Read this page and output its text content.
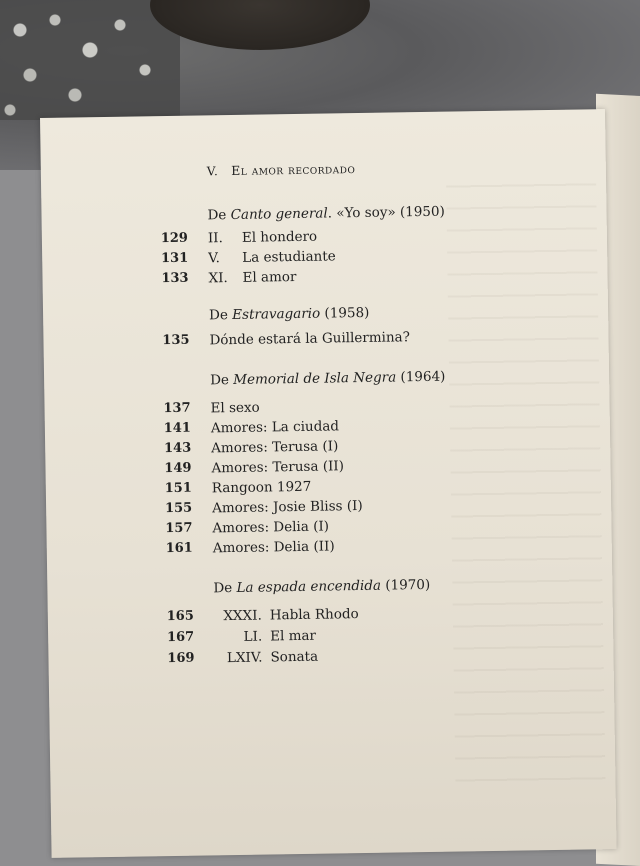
V. El amor recordado
De Canto general. «Yo soy» (1950)
129 II.	El hondero
131 V.	La estudiante
133 XI.	El amor
De Estravagario (1958)
135 Dónde estará la Guillermina?
De Memorial de Isla Negra (1964)
137 El sexo
141 Amores: La ciudad
143 Amores: Terusa (I)
149 Amores: Terusa (II)
151 Rangoon 1927
155 Amores: Josie Bliss (I)
157 Amores: Delia (I)
161 Amores: Delia (II)
De La espada encendida (1970)
165	XXXI. Habla Rhodo
167	LI. El mar
169	LXIV. Sonata
